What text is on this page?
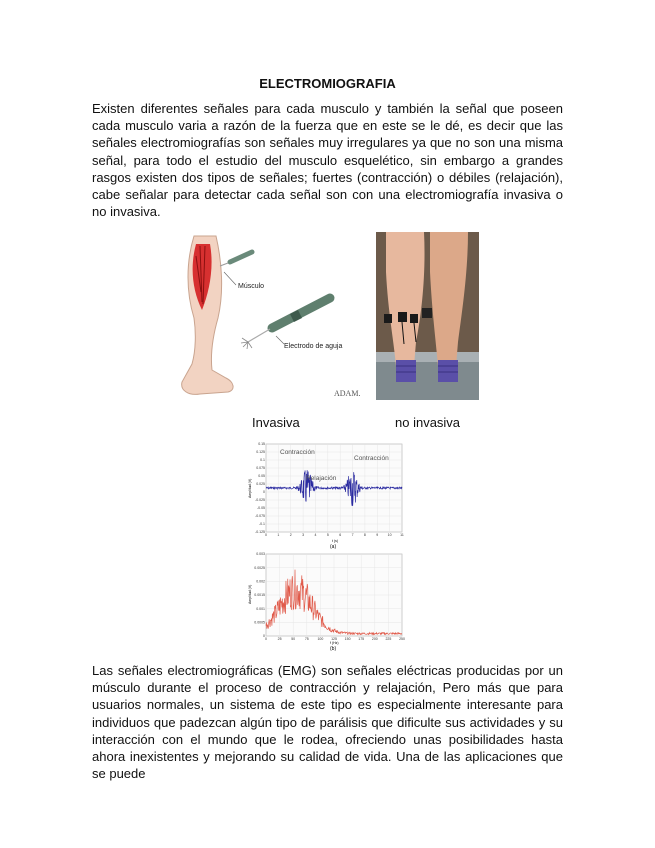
ELECTROMIOGRAFIA

Existen diferentes señales para cada musculo y también la señal que poseen cada musculo varia a razón de la fuerza que en este se le dé, es decir que las señales electromiografías son señales muy irregulares ya que no son una misma señal, para todo el estudio del musculo esquelético, sin embargo a grandes rasgos existen dos tipos de señales; fuertes (contracción) o débiles (relajación), cabe señalar para detectar cada señal son con una electromiografía invasiva o no invasiva.

Músculo
Electrodo de aguja
ADAM.
Invasiva	no invasiva
0.15
0.125
0.1
0.075
0.05
0.025
0
-0.025
-0.05
-0.075
-0.1
-0.125
0	1	2	3	4	5	6	7	8	9	10 11
Amplitud (V)
t (s)
(a)
Contracción
Relajación
Contracción
0.003
0.0025
0.002
0.0015
0.001
0.0005
0
0	25	50	75 100 125 150 175 200 225 250
Amplitud (V)
f (Hz)
(b)

Las señales electromiográficas (EMG) son señales eléctricas producidas por un músculo durante el proceso de contracción y relajación, Pero más que para usuarios normales, un sistema de este tipo es especialmente interesante para individuos que padezcan algún tipo de parálisis que dificulte sus actividades y su interacción con el mundo que le rodea, ofreciendo unas posibilidades hasta ahora inexistentes y mejorando su calidad de vida. Una de las aplicaciones que se puede
